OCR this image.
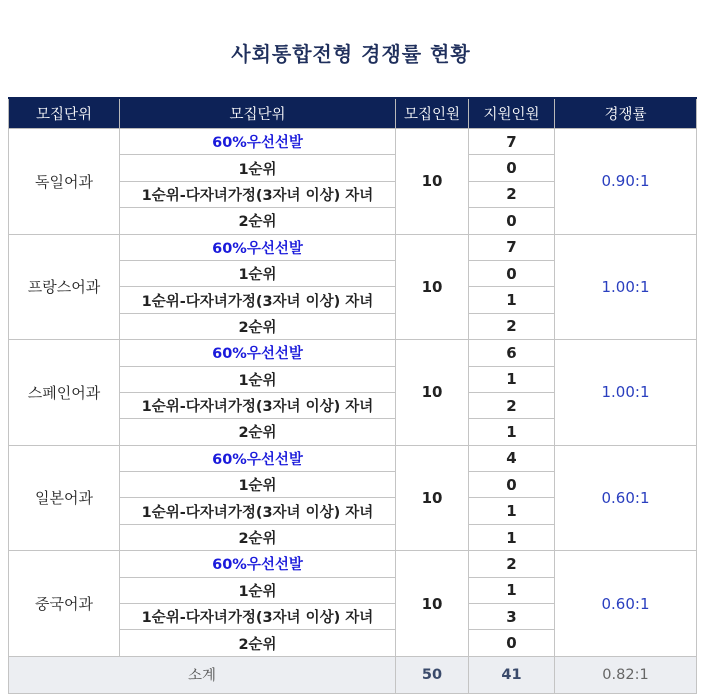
사회통합전형 경쟁률 현황
모집단위	모집단위	모집인원	지원인원	경쟁률
독일어과	60%우선선발	10	7	0.90:1
	1순위		0	
	1순위-다자녀가정(3자녀 이상) 자녀		2	
	2순위		0	
프랑스어과	60%우선선발	10	7	1.00:1
	1순위		0	
	1순위-다자녀가정(3자녀 이상) 자녀		1	
	2순위		2	
스페인어과	60%우선선발	10	6	1.00:1
	1순위		1	
	1순위-다자녀가정(3자녀 이상) 자녀		2	
	2순위		1	
일본어과	60%우선선발	10	4	0.60:1
	1순위		0	
	1순위-다자녀가정(3자녀 이상) 자녀		1	
	2순위		1	
중국어과	60%우선선발	10	2	0.60:1
	1순위		1	
	1순위-다자녀가정(3자녀 이상) 자녀		3	
	2순위		0	
소계		50	41	0.82:1
